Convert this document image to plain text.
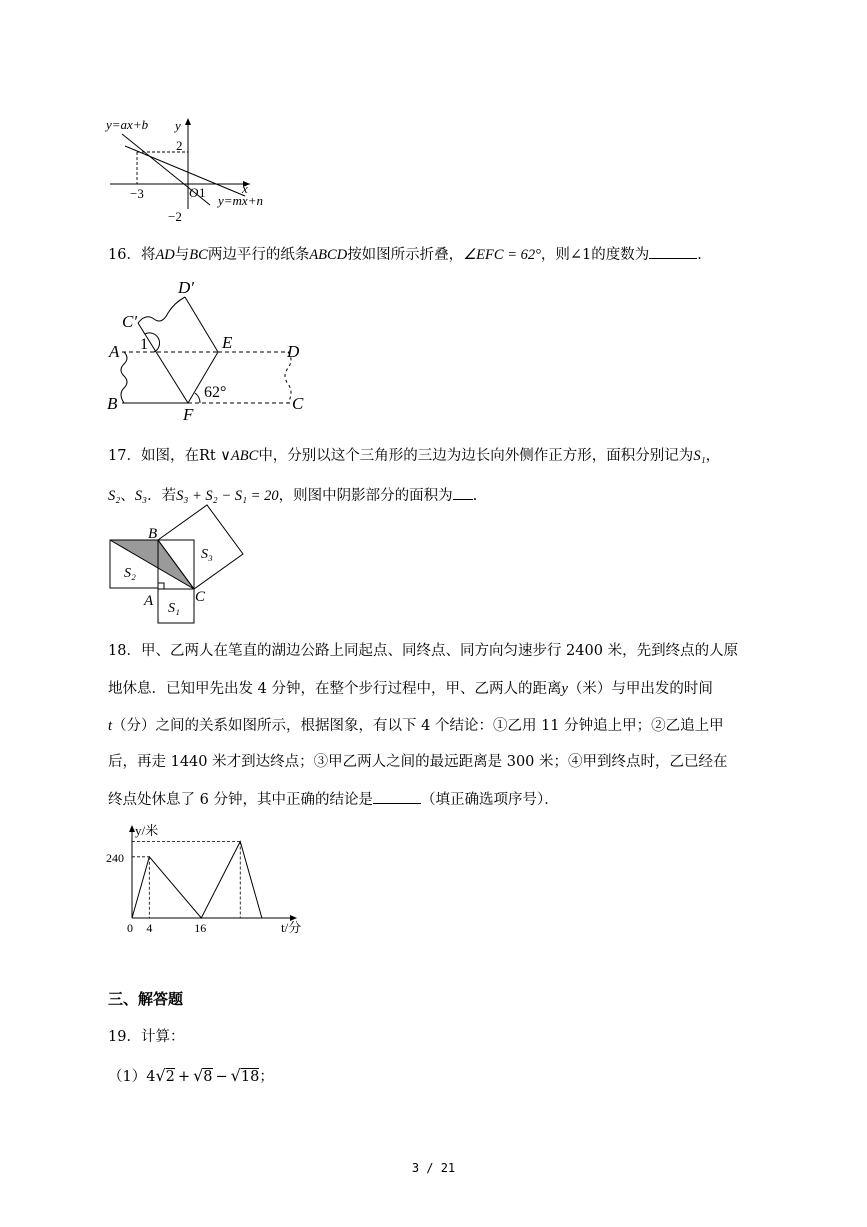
y=ax+b y
2
−3	O 1	x
−2
y=mx+n
16．将AD与BC两边平行的纸条ABCD按如图所示折叠，∠EFC = 62°，则∠1的度数为	.
D′
C′
A 1	E	D
B
F
62°
C
17．如图，在Rt ∨ABC中，分别以这个三角形的三边为边长向外侧作正方形，面积分别记为S₁，
S₂、S₃．若S₃ + S₂ − S₁ = 20，则图中阴影部分的面积为 .
B
S₃
S₂
A	C
S₁
18．甲、乙两人在笔直的湖边公路上同起点、同终点、同方向匀速步行 2400 米，先到终点的人原
地休息．已知甲先出发 4 分钟，在整个步行过程中，甲、乙两人的距离y（米）与甲出发的时间
t（分）之间的关系如图所示，根据图象，有以下 4 个结论：①乙用 11 分钟追上甲；②乙追上甲
后，再走 1440 米才到达终点；③甲乙两人之间的最远距离是 300 米；④甲到终点时，乙已经在
终点处休息了 6 分钟，其中正确的结论是	（填正确选项序号）．
y/米
t/分
0 4	16
240
三、解答题
19．计算：
（1）4√2 + √8 − √18；
3 / 21
